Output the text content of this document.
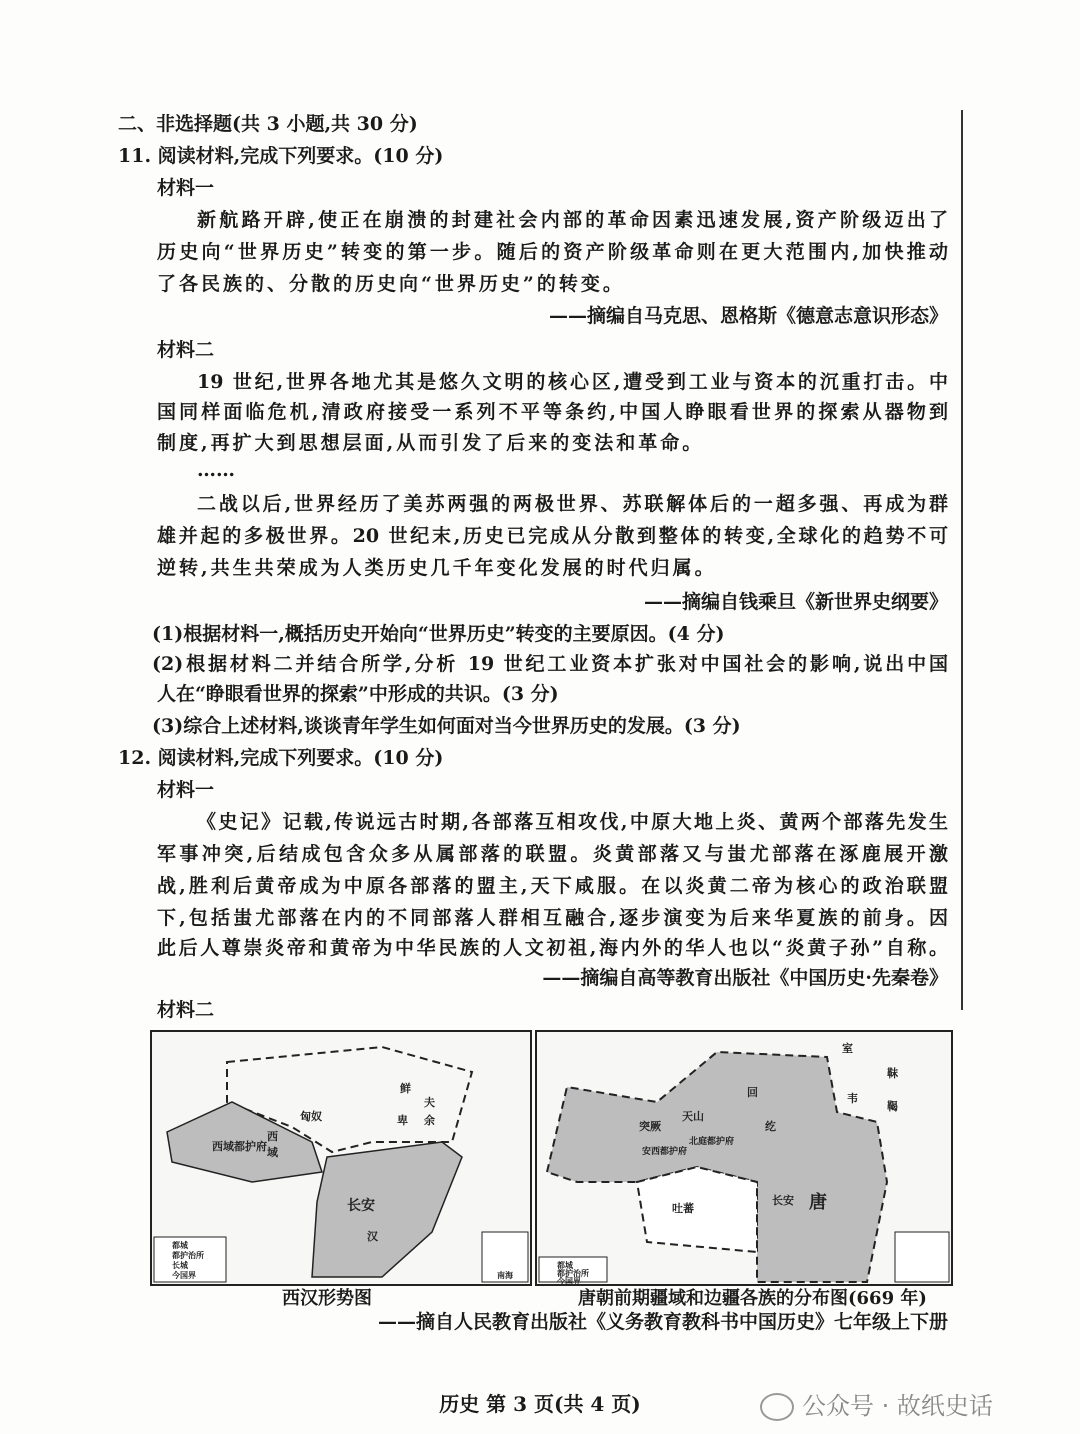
二、非选择题(共 3 小题,共 30 分)
11. 阅读材料,完成下列要求。(10 分)
材料一
新航路开辟,使正在崩溃的封建社会内部的革命因素迅速发展,资产阶级迈出了
历史向“世界历史”转变的第一步。随后的资产阶级革命则在更大范围内,加快推动
了各民族的、分散的历史向“世界历史”的转变。
——摘编自马克思、恩格斯《德意志意识形态》
材料二
19 世纪,世界各地尤其是悠久文明的核心区,遭受到工业与资本的沉重打击。中
国同样面临危机,清政府接受一系列不平等条约,中国人睁眼看世界的探索从器物到
制度,再扩大到思想层面,从而引发了后来的变法和革命。
……
二战以后,世界经历了美苏两强的两极世界、苏联解体后的一超多强、再成为群
雄并起的多极世界。20 世纪末,历史已完成从分散到整体的转变,全球化的趋势不可
逆转,共生共荣成为人类历史几千年变化发展的时代归属。
——摘编自钱乘旦《新世界史纲要》
(1)根据材料一,概括历史开始向“世界历史”转变的主要原因。(4 分)
(2)根据材料二并结合所学,分析 19 世纪工业资本扩张对中国社会的影响,说出中国
人在“睁眼看世界的探索”中形成的共识。(3 分)
(3)综合上述材料,谈谈青年学生如何面对当今世界历史的发展。(3 分)
12. 阅读材料,完成下列要求。(10 分)
材料一
《史记》记载,传说远古时期,各部落互相攻伐,中原大地上炎、黄两个部落先发生
军事冲突,后结成包含众多从属部落的联盟。炎黄部落又与蚩尤部落在涿鹿展开激
战,胜利后黄帝成为中原各部落的盟主,天下咸服。在以炎黄二帝为核心的政治联盟
下,包括蚩尤部落在内的不同部落人群相互融合,逐步演变为后来华夏族的前身。因
此后人尊崇炎帝和黄帝为中华民族的人文初祖,海内外的华人也以“炎黄子孙”自称。
——摘编自高等教育出版社《中国历史·先秦卷》
材料二
匈奴
西域都护府
西
域
长安
汉
鲜
卑
夫
余
都城
都护治所
长城
今国界	南海
回
纥
突厥
天山
北庭都护府
安西都护府
吐蕃
长安 唐
室
韦
靺
鞨
都城
都护治所
今国界
西汉形势图	唐朝前期疆域和边疆各族的分布图(669 年)
——摘自人民教育出版社《义务教育教科书中国历史》七年级上下册
历史 第 3 页(共 4 页)	公众号 · 故纸史话
